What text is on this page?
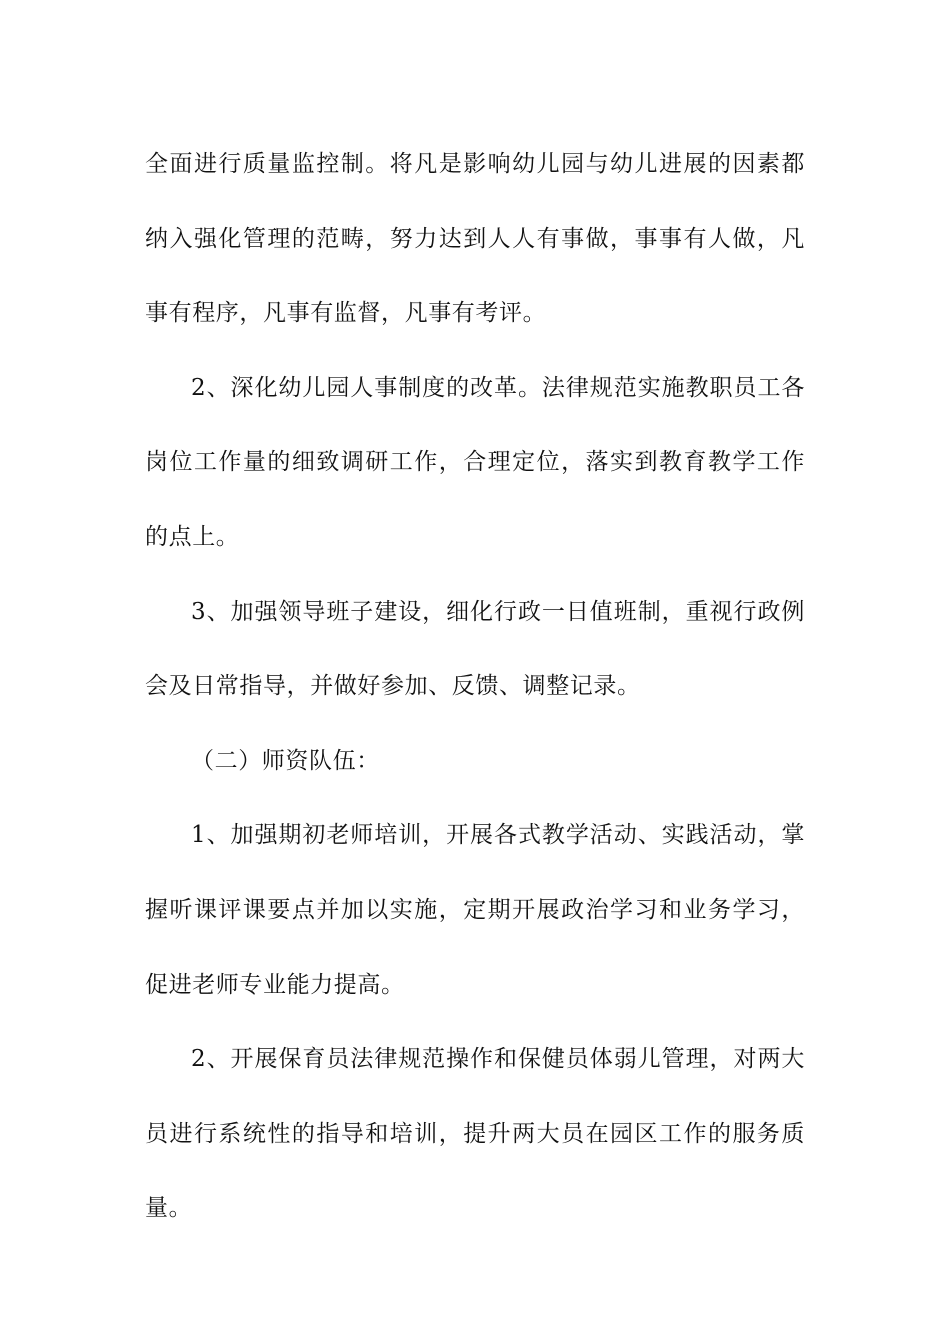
全面进行质量监控制。将凡是影响幼儿园与幼儿进展的因素都纳入强化管理的范畴，努力达到人人有事做，事事有人做，凡事有程序，凡事有监督，凡事有考评。

2、深化幼儿园人事制度的改革。法律规范实施教职员工各岗位工作量的细致调研工作，合理定位，落实到教育教学工作的点上。

3、加强领导班子建设，细化行政一日值班制，重视行政例会及日常指导，并做好参加、反馈、调整记录。

（二）师资队伍：

1、加强期初老师培训，开展各式教学活动、实践活动，掌握听课评课要点并加以实施，定期开展政治学习和业务学习，促进老师专业能力提高。

2、开展保育员法律规范操作和保健员体弱儿管理，对两大员进行系统性的指导和培训，提升两大员在园区工作的服务质量。
